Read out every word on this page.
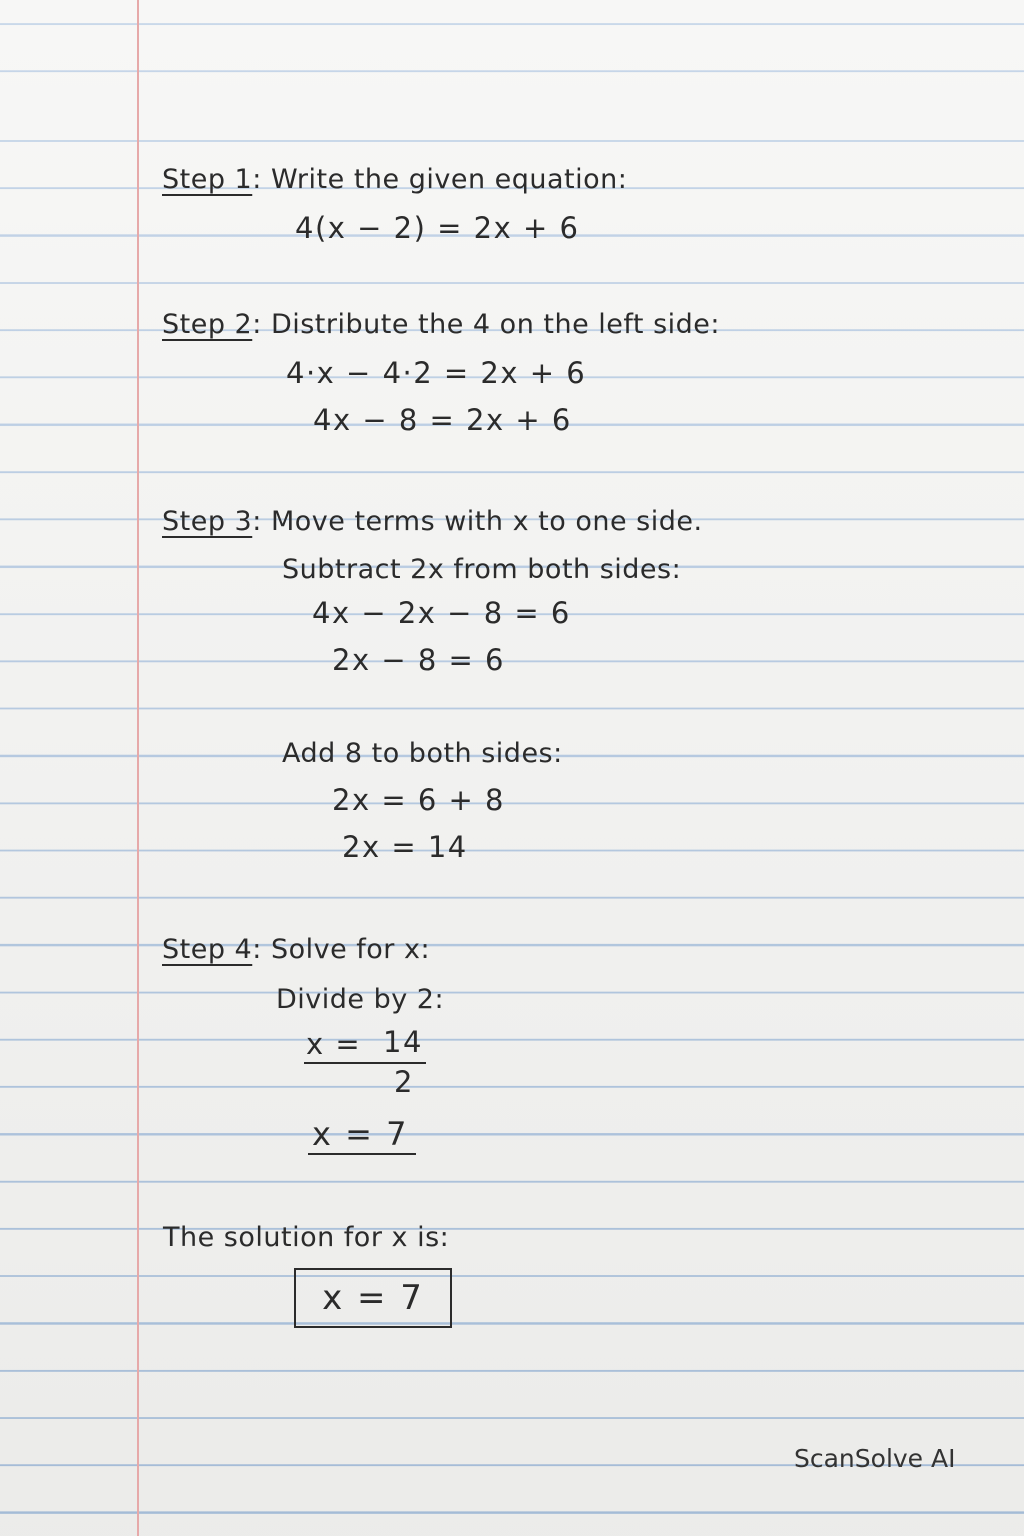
Step 1: Write the given equation:
4(x − 2) = 2x + 6
Step 2: Distribute the 4 on the left side:
4·x − 4·2 = 2x + 6
4x − 8 = 2x + 6
Step 3: Move terms with x to one side.
Subtract 2x from both sides:
4x − 2x − 8 = 6
2x − 8 = 6
Add 8 to both sides:
2x = 6 + 8
2x = 14
Step 4: Solve for x:
Divide by 2:
x = 14
2
x = 7
The solution for x is:
x = 7
ScanSolve AI
